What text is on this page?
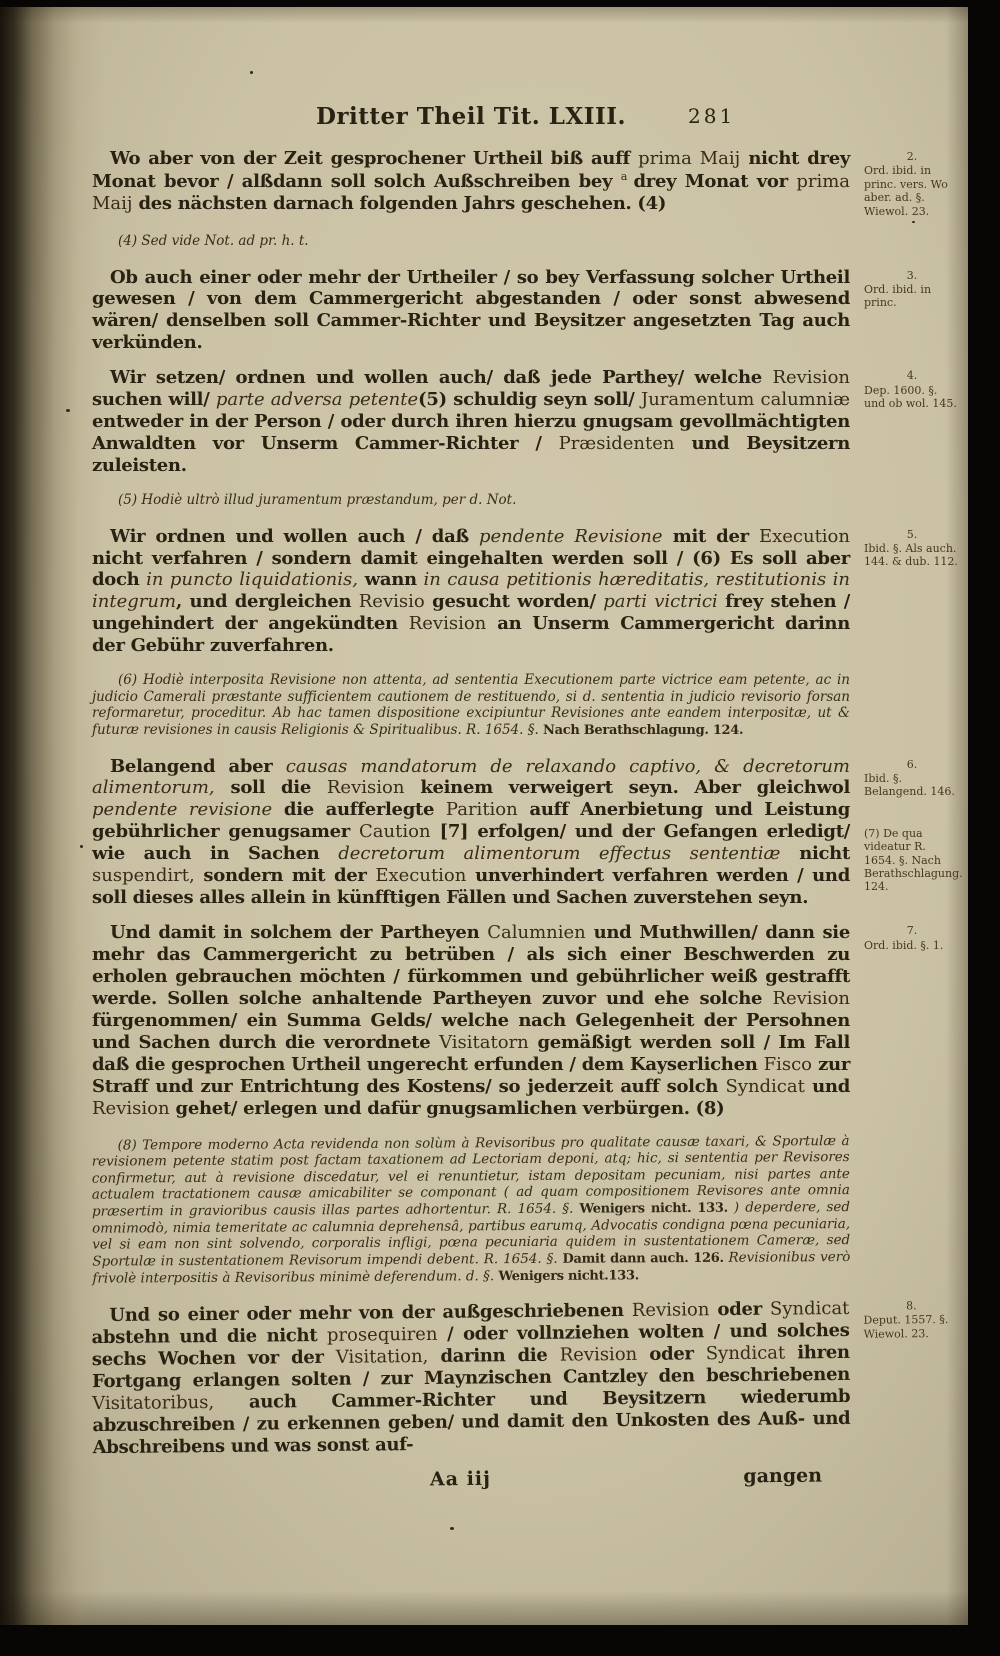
Dritter Theil Tit. LXIII.	281

Wo aber von der Zeit gesprochener Urtheil biß auff prima Maij nicht drey Monat bevor / alßdann soll solch Außschreiben bey $^a$ drey Monat vor prima Maij des nächsten darnach folgenden Jahrs geschehen. (4)

2.
Ord. ibid. in princ. vers. Wo aber. ad. §. Wiewol. 23.

(4) Sed vide Not. ad pr. h. t.

Ob auch einer oder mehr der Urtheiler / so bey Verfassung solcher Urtheil gewesen / von dem Cammergericht abgestanden / oder sonst abwesend wären/ denselben soll Cammer-Richter und Beysitzer angesetzten Tag auch verkünden.

3.
Ord. ibid. in princ.

Wir setzen/ ordnen und wollen auch/ daß jede Parthey/ welche Revision suchen will/ parte adversa petente(5) schuldig seyn soll/ Juramentum calumniæ entweder in der Person / oder durch ihren hierzu gnugsam gevollmächtigten Anwaldten vor Unserm Cammer-Richter / Præsidenten und Beysitzern zuleisten.

4.
Dep. 1600. §. und ob wol. 145.

(5) Hodiè ultrò illud juramentum præstandum, per d. Not.

Wir ordnen und wollen auch / daß pendente Revisione mit der Execution nicht verfahren / sondern damit eingehalten werden soll / (6) Es soll aber doch in puncto liquidationis, wann in causa petitionis hæreditatis, restitutionis in integrum, und dergleichen Revisio gesucht worden/ parti victrici frey stehen / ungehindert der angekündten Revision an Unserm Cammergericht darinn der Gebühr zuverfahren.

5.
Ibid. §. Als auch. 144. & dub. 112.

(6) Hodiè interposita Revisione non attenta, ad sententia Executionem parte victrice eam petente, ac in judicio Camerali præstante sufficientem cautionem de restituendo, si d. sententia in judicio revisorio forsan reformaretur, proceditur. Ab hac tamen dispositione excipiuntur Revisiones ante eandem interpositæ, ut & futuræ revisiones in causis Religionis & Spiritualibus. R. 1654. §. Nach Berathschlagung. 124.

Belangend aber causas mandatorum de relaxando captivo, & decretorum alimentorum, soll die Revision keinem verweigert seyn. Aber gleichwol pendente revisione die aufferlegte Parition auff Anerbietung und Leistung gebührlicher genugsamer Caution [7] erfolgen/ und der Gefangen erledigt/ wie auch in Sachen decretorum alimentorum effectus sententiæ nicht suspendirt, sondern mit der Execution unverhindert verfahren werden / und soll dieses alles allein in künfftigen Fällen und Sachen zuverstehen seyn.

6.
Ibid. §. Belangend. 146.
(7) De qua videatur R. 1654. §. Nach Berathschlagung. 124.

Und damit in solchem der Partheyen Calumnien und Muthwillen/ dann sie mehr das Cammergericht zu betrüben / als sich einer Beschwerden zu erholen gebrauchen möchten / fürkommen und gebührlicher weiß gestrafft werde. Sollen solche anhaltende Partheyen zuvor und ehe solche Revision fürgenommen/ ein Summa Gelds/ welche nach Gelegenheit der Persohnen und Sachen durch die verordnete Visitatorn gemäßigt werden soll / Im Fall daß die gesprochen Urtheil ungerecht erfunden / dem Kayserlichen Fisco zur Straff und zur Entrichtung des Kostens/ so jederzeit auff solch Syndicat und Revision gehet/ erlegen und dafür gnugsamlichen verbürgen. (8)

7.
Ord. ibid. §. 1.

(8) Tempore moderno Acta revidenda non solùm à Revisoribus pro qualitate causæ taxari, & Sportulæ à revisionem petente statim post factam taxationem ad Lectoriam deponi, atq; hic, si sententia per Revisores confirmetur, aut à revisione discedatur, vel ei renuntietur, istam depositam pecuniam, nisi partes ante actualem tractationem causæ amicabiliter se componant ( ad quam compositionem Revisores ante omnia præsertim in gravioribus causis illas partes adhortentur. R. 1654. §. Wenigers nicht. 133. ) deperdere, sed omnimodò, nimia temeritate ac calumnia deprehensâ, partibus earumq, Advocatis condigna pœna pecuniaria, vel si eam non sint solvendo, corporalis infligi, pœna pecuniaria quidem in sustentationem Cameræ, sed Sportulæ in sustentationem Revisorum impendi debent. R. 1654. §. Damit dann auch. 126. Revisionibus verò frivolè interpositis à Revisoribus minimè deferendum. d. §. Wenigers nicht.133.

Und so einer oder mehr von der außgeschriebenen Revision oder Syndicat abstehn und die nicht prosequiren / oder vollnziehen wolten / und solches sechs Wochen vor der Visitation, darinn die Revision oder Syndicat ihren Fortgang erlangen solten / zur Maynzischen Cantzley den beschriebenen Visitatoribus, auch Cammer-Richter und Beysitzern wiederumb abzuschreiben / zu erkennen geben/ und damit den Unkosten des Auß- und Abschreibens und was sonst auf-

8.
Deput. 1557. §. Wiewol. 23.
Aa iij	gangen
